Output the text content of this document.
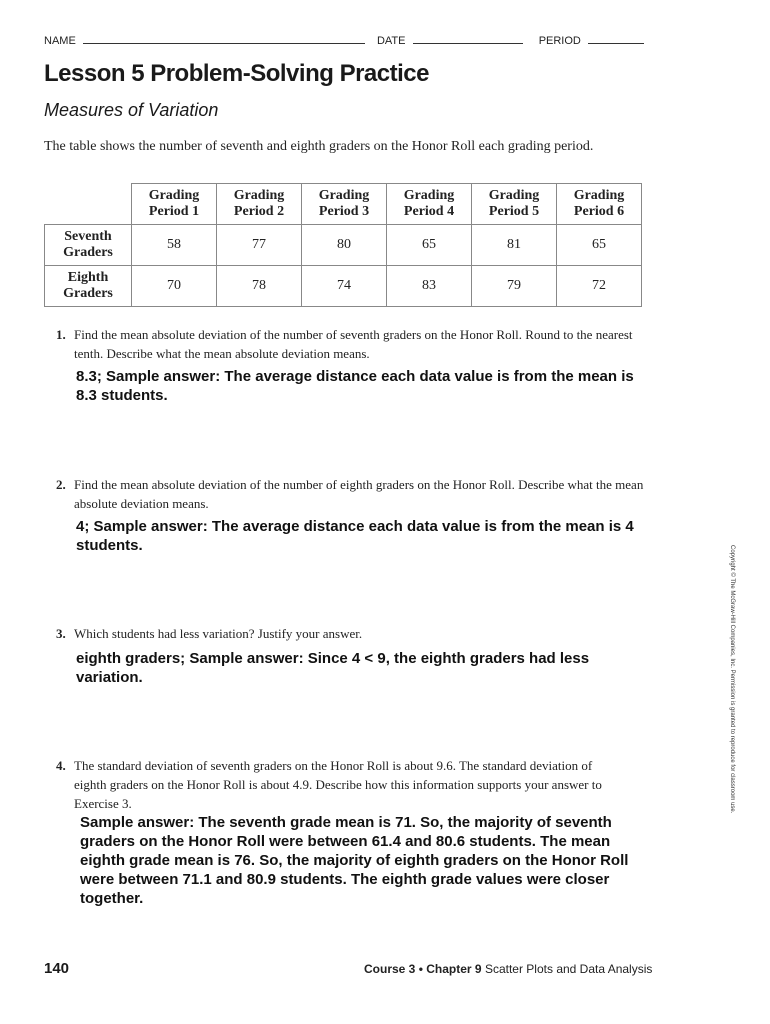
NAME	DATE	PERIOD
Lesson 5 Problem-Solving Practice
Measures of Variation
The table shows the number of seventh and eighth graders on the Honor Roll each grading period.
	Grading Period 1	Grading Period 2	Grading Period 3	Grading Period 4	Grading Period 5	Grading Period 6
Seventh Graders	58	77	80	65	81	65
Eighth Graders	70	78	74	83	79	72
1. Find the mean absolute deviation of the number of seventh graders on the Honor Roll. Round to the nearest tenth. Describe what the mean absolute deviation means.
8.3; Sample answer: The average distance each data value is from the mean is 8.3 students.
2. Find the mean absolute deviation of the number of eighth graders on the Honor Roll. Describe what the mean absolute deviation means.
4; Sample answer: The average distance each data value is from the mean is 4 students.
3. Which students had less variation? Justify your answer.
eighth graders; Sample answer: Since 4 < 9, the eighth graders had less variation.
4. The standard deviation of seventh graders on the Honor Roll is about 9.6. The standard deviation of eighth graders on the Honor Roll is about 4.9. Describe how this information supports your answer to Exercise 3.
Sample answer: The seventh grade mean is 71. So, the majority of seventh graders on the Honor Roll were between 61.4 and 80.6 students. The mean eighth grade mean is 76. So, the majority of eighth graders on the Honor Roll were between 71.1 and 80.9 students. The eighth grade values were closer together.
Copyright © The McGraw-Hill Companies, Inc. Permission is granted to reproduce for classroom use.
140	Course 3 • Chapter 9 Scatter Plots and Data Analysis
